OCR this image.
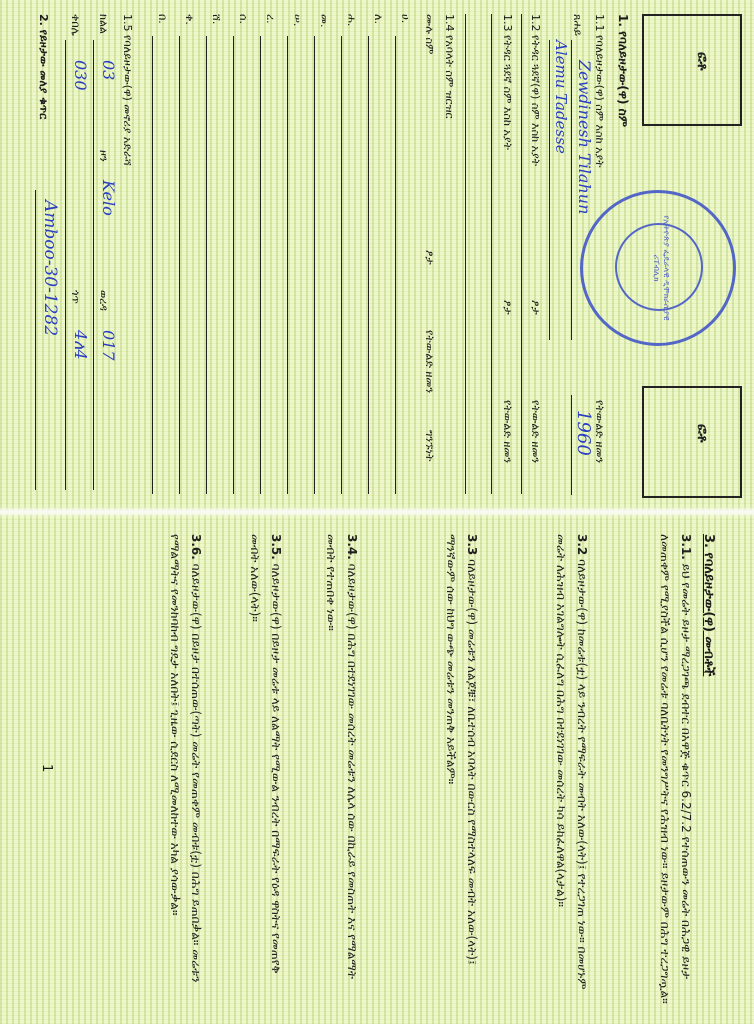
ፎቶ
ፎቶ
የኢትዮጵያ ፌዴራላዊ ዲሞክራሲያዊ ሪፐብሊክ
1. የባለይዞታው(ዋ) ስም
1.1 የባለይዞታው(ዋ) ስም እስከ አያት
የትውልድ ዘመን
ጸሐይ
Zewdinesh Tilahun
1960
Alemu Tadesse
1.2 የትዳር ጓደኛ(ዋ) ስም እስከ አያት
ፆታ
የትውልድ ዘመን
1.3 የትዳር ጓደኛ ስም እስከ አያት
ፆታ
የትውልድ ዘመን
1.4 የአባላት ስም ዝርዝር
ሙሉ ስም
ፆታ
የትውልድ ዘመን
ግንኙነት
ሀ.
ለ.
ሐ.
መ.
ሠ.
ረ.
ሰ.
ሸ.
ቀ.
በ.
1.5 የባለይዞታው(ዋ) መኖሪያ አድራሻ
ክልል
03
ዞን
Kelo
ወረዳ
017
ቀበሌ
030
ጎጥ
4ለ4
2. የይዞታው መለያ ቁጥር
Amboo-30-1282
3. የባለይዞታው(ዋ) መብቶች
3.1. ይህ የመሬት ይዞታ ማረጋገጫ ደብተር በአዋጅ ቁጥር 6.2/7.2 የተሰጠውን መሬት በሕጋዊ ይዞታ ለመጠቀም የሚያስችል ሲሆን የመሬቱ ባለቤትነት የመንግሥትና የሕዝብ ነው። ይዞታውም በሕግ ተረጋግጧል።
3.2 ባለይዞታው(ዋ) ከመሬቱ(ቷ) ላይ ንብረት የማፍራት መብት አለው(ላት)፤ የተረጋገጠ ነው። በመሆኑም መሬት ለሕዝብ አገልግሎት ሲፈለግ በሕግ በተደነገገው መሰረት ካሳ ይከፈለዋል(ላታል)።
3.3 ባለይዞታው(ዋ) መሬቱን ለልጆቹ፣ ለቤተሰብ አባላት በውርስ የማስተላለፍ መብት አለው(ላት)፤ ማንኛውም ሰው ከህግ ውጭ መሬቱን መንጠቅ አይችልም።
3.4. ባለይዞታው(ዋ) በሕግ በተደነገገው መሰረት መሬቱን ለሌላ ሰው በኪራይ የመስጠት እና የማልማት መብት የተጠበቀ ነው።
3.5. ባለይዞታው(ዋ) በይዞታ መሬቱ ላይ ለልማት የሚውል ንብረት በማፍራት የዕዳ ዋስትና የመጠየቅ መብት አለው(ላት)።
3.6. ባለይዞታው(ዋ) በይዞታ በተሰጠው(ጣት) መሬት የመጠቀም መብቱ(ቷ) በሕግ ይጠበቃል። መሬቱን የማልማትና የመንከባከብ ግዴታ አለበት፤ ጊዜው ሲደርስ ለሚመለከተው አካል ያሳውቃል።
1
